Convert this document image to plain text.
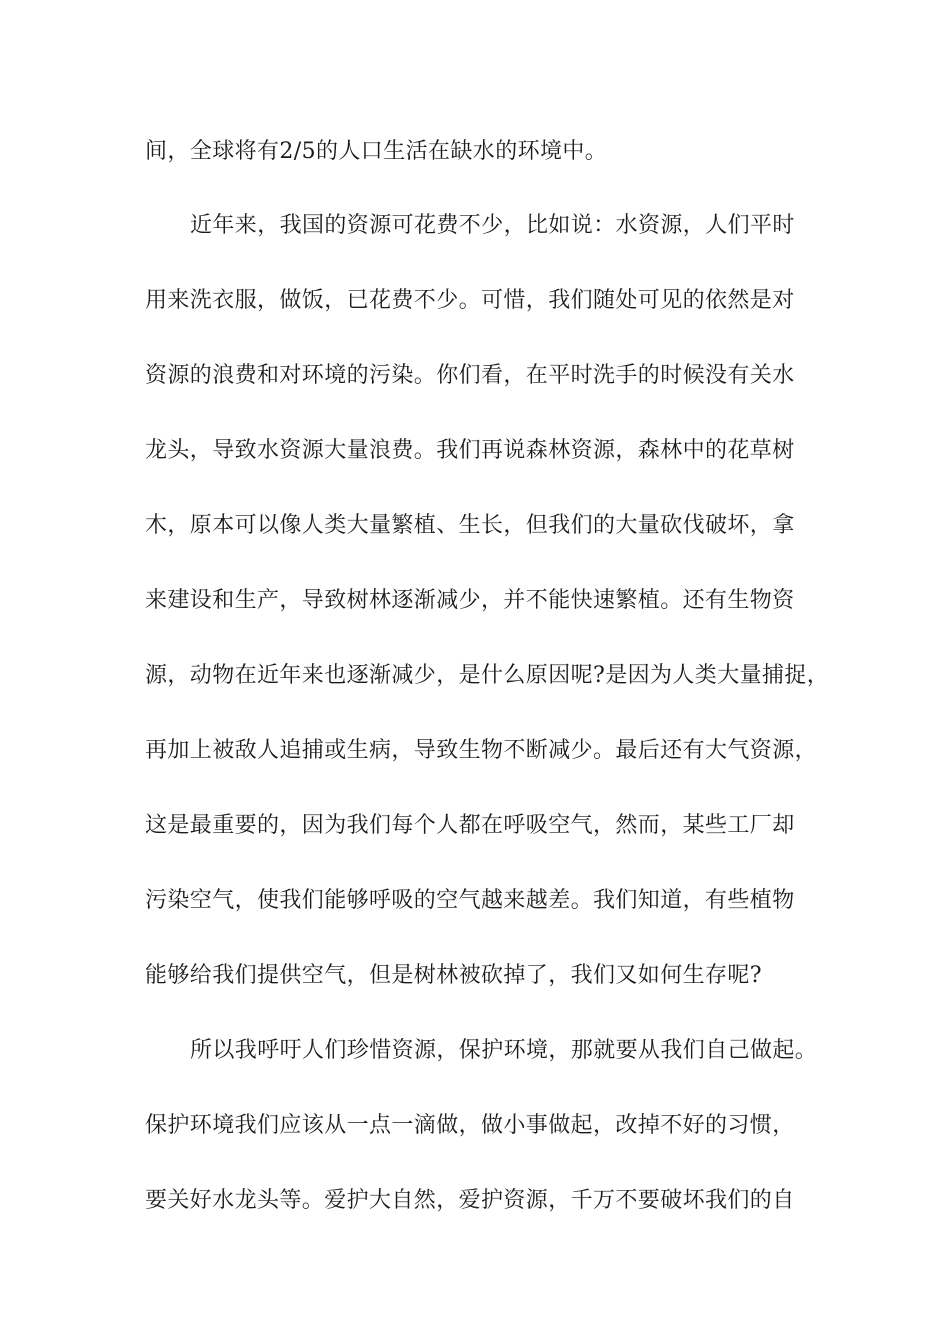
间，全球将有2/5的人口生活在缺水的环境中。
近年来，我国的资源可花费不少，比如说：水资源，人们平时
用来洗衣服，做饭，已花费不少。可惜，我们随处可见的依然是对
资源的浪费和对环境的污染。你们看，在平时洗手的时候没有关水
龙头，导致水资源大量浪费。我们再说森林资源，森林中的花草树
木，原本可以像人类大量繁植、生长，但我们的大量砍伐破坏，拿
来建设和生产，导致树林逐渐减少，并不能快速繁植。还有生物资
源，动物在近年来也逐渐减少，是什么原因呢?是因为人类大量捕捉，
再加上被敌人追捕或生病，导致生物不断减少。最后还有大气资源，
这是最重要的，因为我们每个人都在呼吸空气，然而，某些工厂却
污染空气，使我们能够呼吸的空气越来越差。我们知道，有些植物
能够给我们提供空气，但是树林被砍掉了，我们又如何生存呢?
所以我呼吁人们珍惜资源，保护环境，那就要从我们自己做起。
保护环境我们应该从一点一滴做，做小事做起，改掉不好的习惯，
要关好水龙头等。爱护大自然，爱护资源，千万不要破坏我们的自
